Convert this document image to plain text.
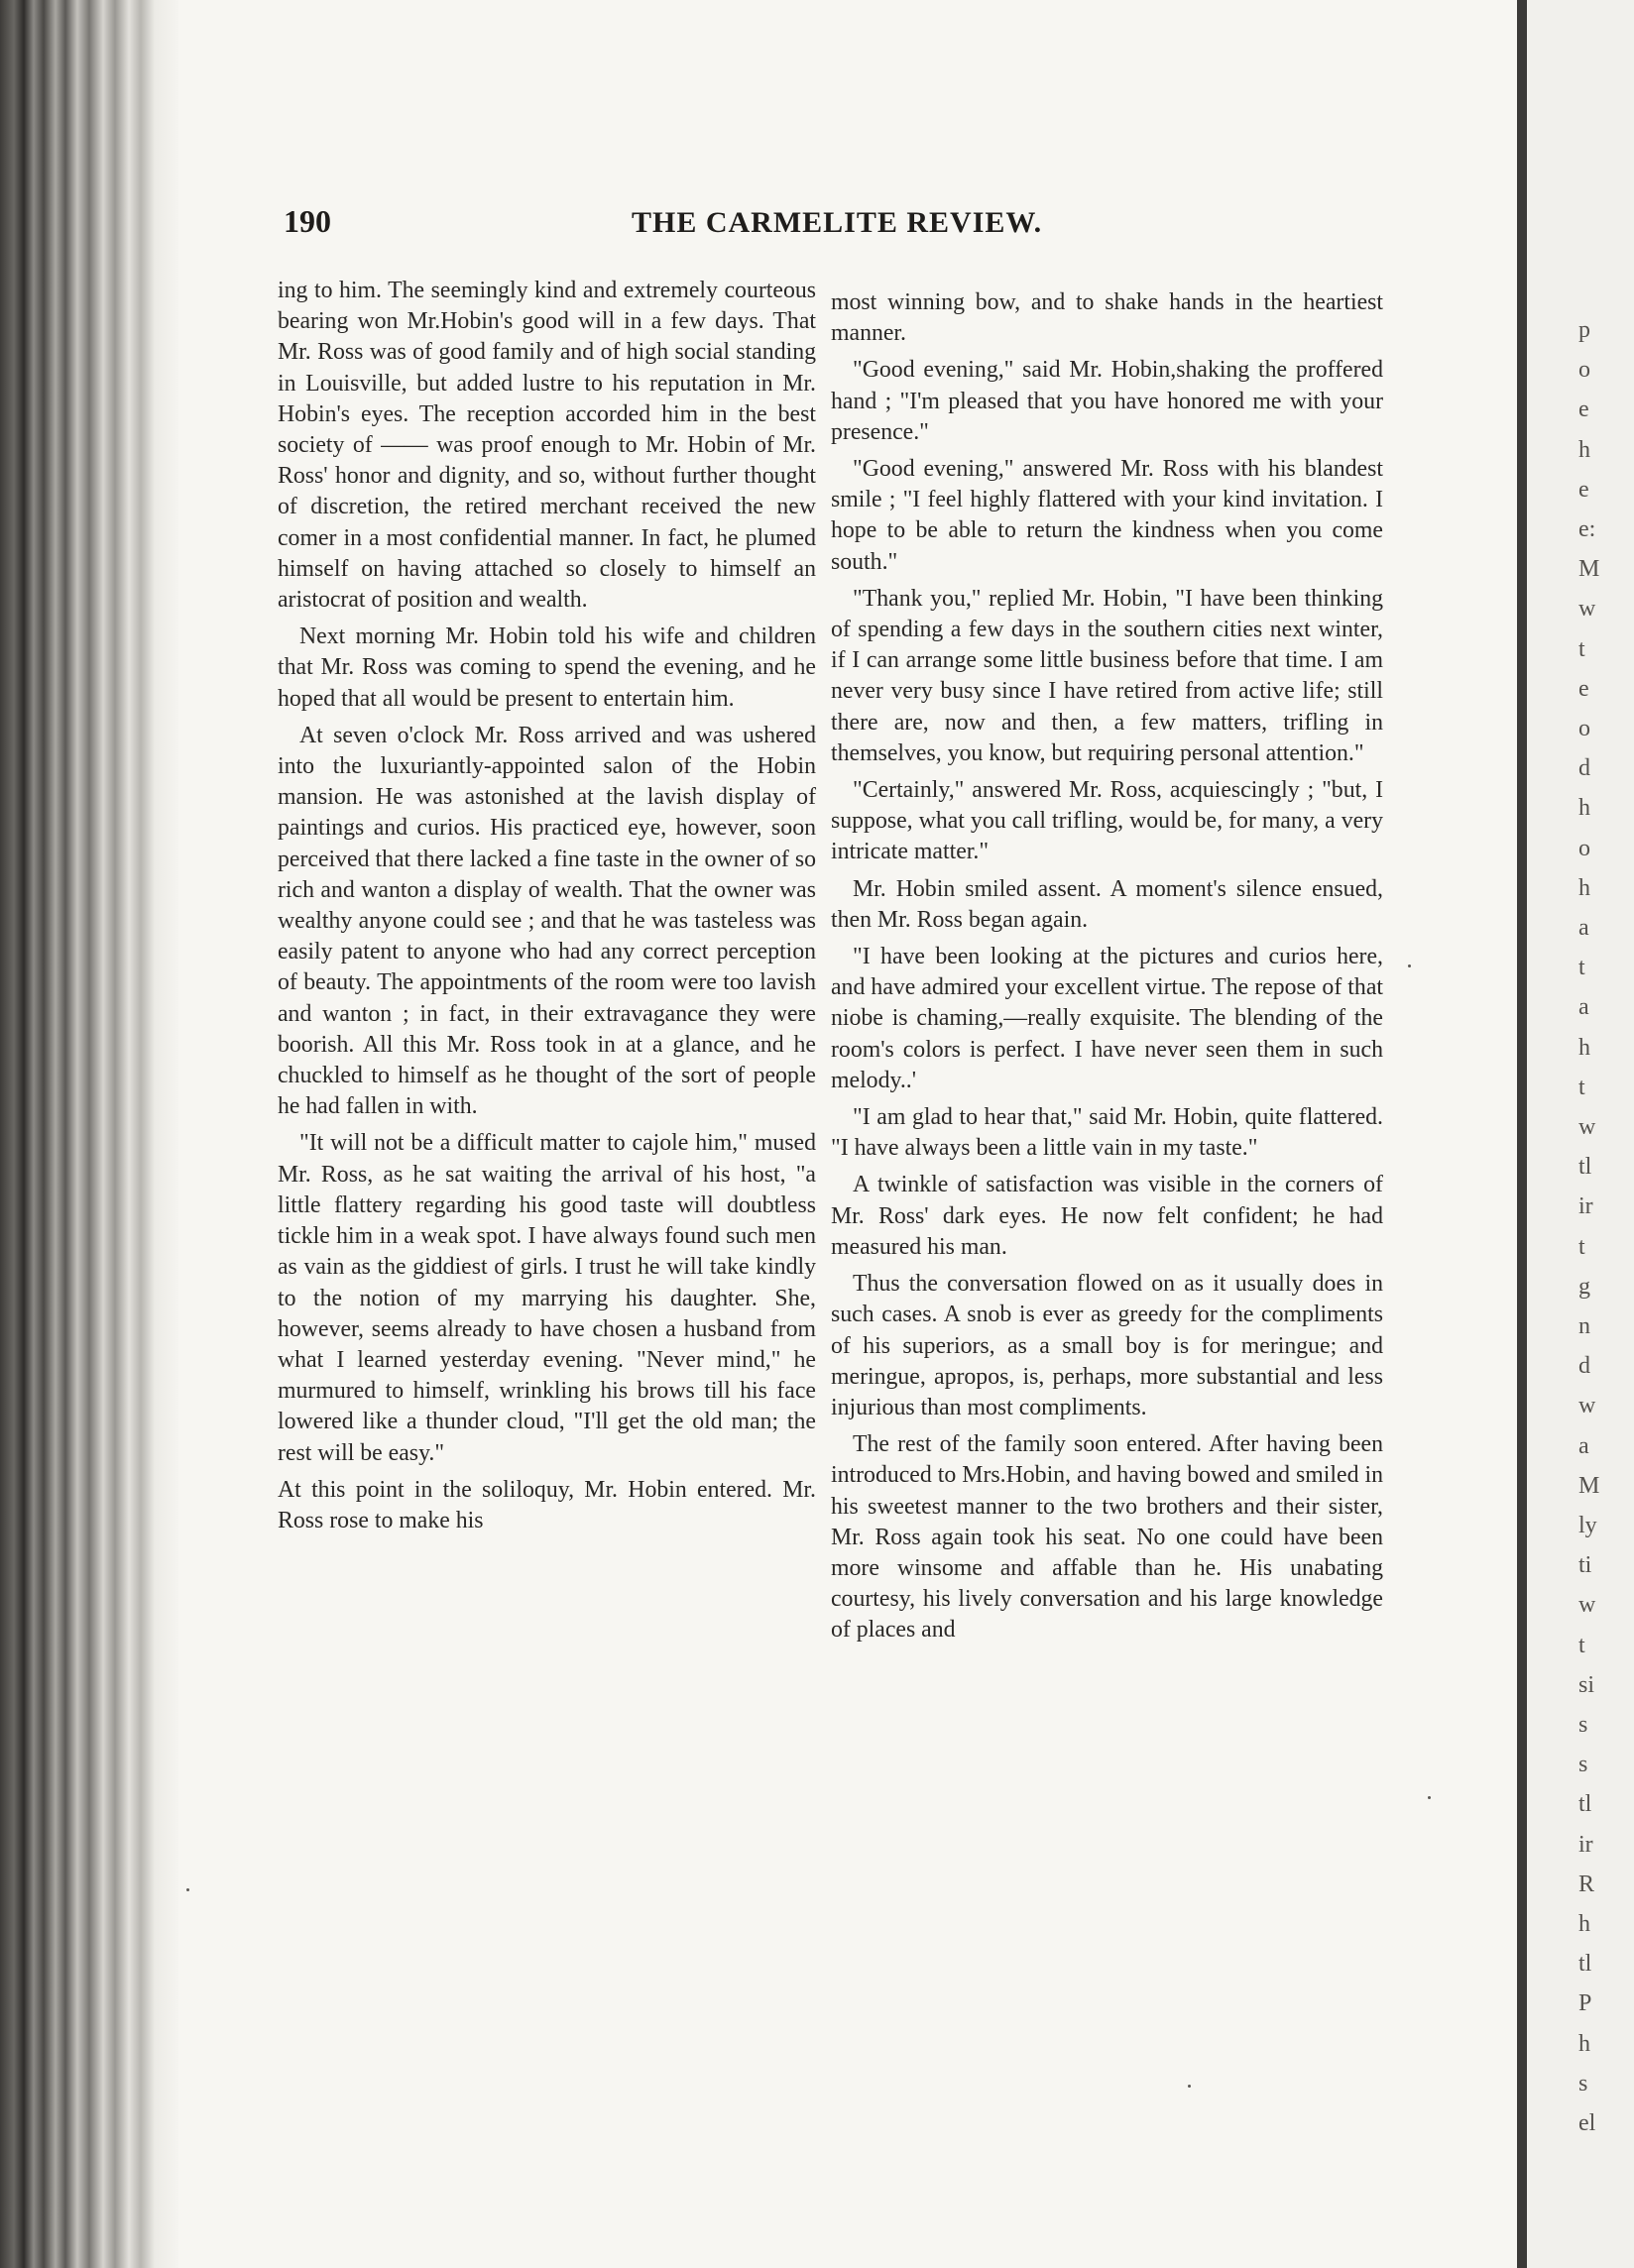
p
o
e
h
e
e:
M
w
t
e
o
d
h
o
h
a
t
a
h
t
w
tl
ir
t
g
n
d
w
a
M
ly
ti
w
t
si
s
s
tl
ir
R
h
tl
P
h
s
el
190	THE CARMELITE REVIEW.

ing to him. The seemingly kind and extremely courteous bearing won Mr.Hobin's good will in a few days. That Mr. Ross was of good family and of high social standing in Louisville, but added lustre to his reputation in Mr. Hobin's eyes. The reception accorded him in the best society of —— was proof enough to Mr. Hobin of Mr. Ross' honor and dignity, and so, without further thought of discretion, the retired merchant received the new comer in a most confidential manner. In fact, he plumed himself on having attached so closely to himself an aristocrat of position and wealth.

Next morning Mr. Hobin told his wife and children that Mr. Ross was coming to spend the evening, and he hoped that all would be present to entertain him.

At seven o'clock Mr. Ross arrived and was ushered into the luxuriantly-appointed salon of the Hobin mansion. He was astonished at the lavish display of paintings and curios. His practiced eye, however, soon perceived that there lacked a fine taste in the owner of so rich and wanton a display of wealth. That the owner was wealthy anyone could see ; and that he was tasteless was easily patent to anyone who had any correct perception of beauty. The appointments of the room were too lavish and wanton ; in fact, in their extravagance they were boorish. All this Mr. Ross took in at a glance, and he chuckled to himself as he thought of the sort of people he had fallen in with.

"It will not be a difficult matter to cajole him," mused Mr. Ross, as he sat waiting the arrival of his host, "a little flattery regarding his good taste will doubtless tickle him in a weak spot. I have always found such men as vain as the giddiest of girls. I trust he will take kindly to the notion of my marrying his daughter. She, however, seems already to have chosen a husband from what I learned yesterday evening. "Never mind," he murmured to himself, wrinkling his brows till his face lowered like a thunder cloud, "I'll get the old man; the rest will be easy."

At this point in the soliloquy, Mr. Hobin entered. Mr. Ross rose to make his

most winning bow, and to shake hands in the heartiest manner.

"Good evening," said Mr. Hobin,shaking the proffered hand ; "I'm pleased that you have honored me with your presence."

"Good evening," answered Mr. Ross with his blandest smile ; "I feel highly flattered with your kind invitation. I hope to be able to return the kindness when you come south."

"Thank you," replied Mr. Hobin, "I have been thinking of spending a few days in the southern cities next winter, if I can arrange some little business before that time. I am never very busy since I have retired from active life; still there are, now and then, a few matters, trifling in themselves, you know, but requiring personal attention."

"Certainly," answered Mr. Ross, acquiescingly ; "but, I suppose, what you call trifling, would be, for many, a very intricate matter."

Mr. Hobin smiled assent. A moment's silence ensued, then Mr. Ross began again.

"I have been looking at the pictures and curios here, and have admired your excellent virtue. The repose of that niobe is chaming,—really exquisite. The blending of the room's colors is perfect. I have never seen them in such melody..'

"I am glad to hear that," said Mr. Hobin, quite flattered. "I have always been a little vain in my taste."

A twinkle of satisfaction was visible in the corners of Mr. Ross' dark eyes. He now felt confident; he had measured his man.

Thus the conversation flowed on as it usually does in such cases. A snob is ever as greedy for the compliments of his superiors, as a small boy is for meringue; and meringue, apropos, is, perhaps, more substantial and less injurious than most compliments.

The rest of the family soon entered. After having been introduced to Mrs.Hobin, and having bowed and smiled in his sweetest manner to the two brothers and their sister, Mr. Ross again took his seat. No one could have been more winsome and affable than he. His unabating courtesy, his lively conversation and his large knowledge of places and
